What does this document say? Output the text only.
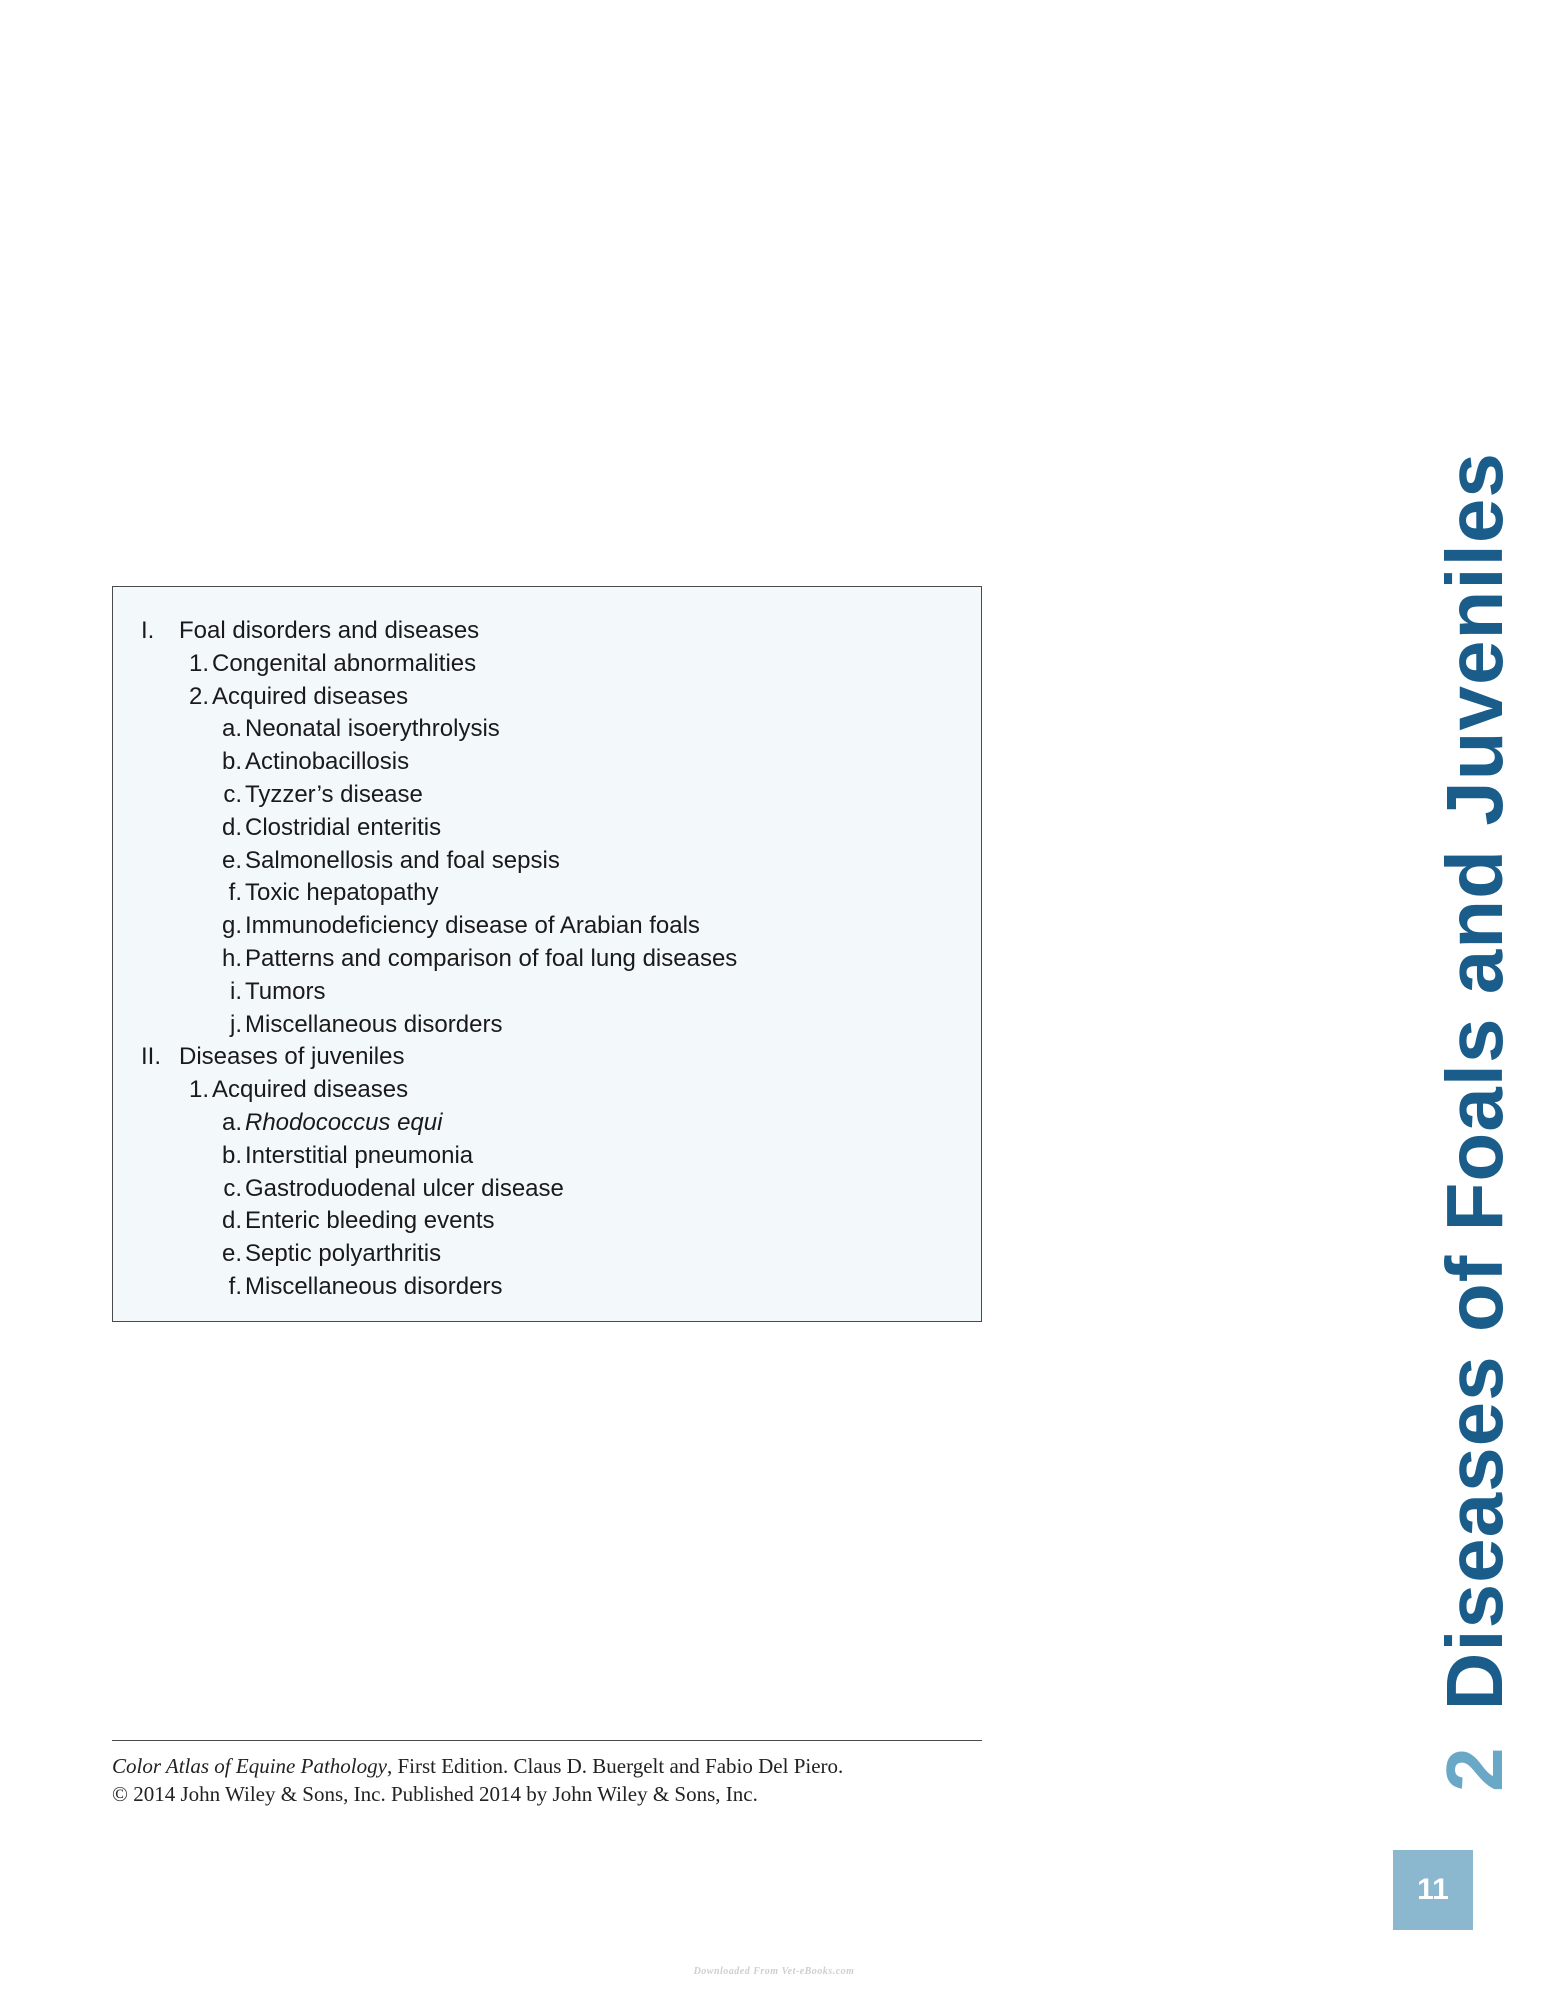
I. Foal disorders and diseases
1. Congenital abnormalities
2. Acquired diseases
a. Neonatal isoerythrolysis
b. Actinobacillosis
c. Tyzzer’s disease
d. Clostridial enteritis
e. Salmonellosis and foal sepsis
f. Toxic hepatopathy
g. Immunodeficiency disease of Arabian foals
h. Patterns and comparison of foal lung diseases
i. Tumors
j. Miscellaneous disorders
II. Diseases of juveniles
1. Acquired diseases
a. Rhodococcus equi
b. Interstitial pneumonia
c. Gastroduodenal ulcer disease
d. Enteric bleeding events
e. Septic polyarthritis
f. Miscellaneous disorders
Color Atlas of Equine Pathology, First Edition. Claus D. Buergelt and Fabio Del Piero.
© 2014 John Wiley & Sons, Inc. Published 2014 by John Wiley & Sons, Inc.
2Diseases of Foals and Juveniles
11
Downloaded From Vet-eBooks.com
